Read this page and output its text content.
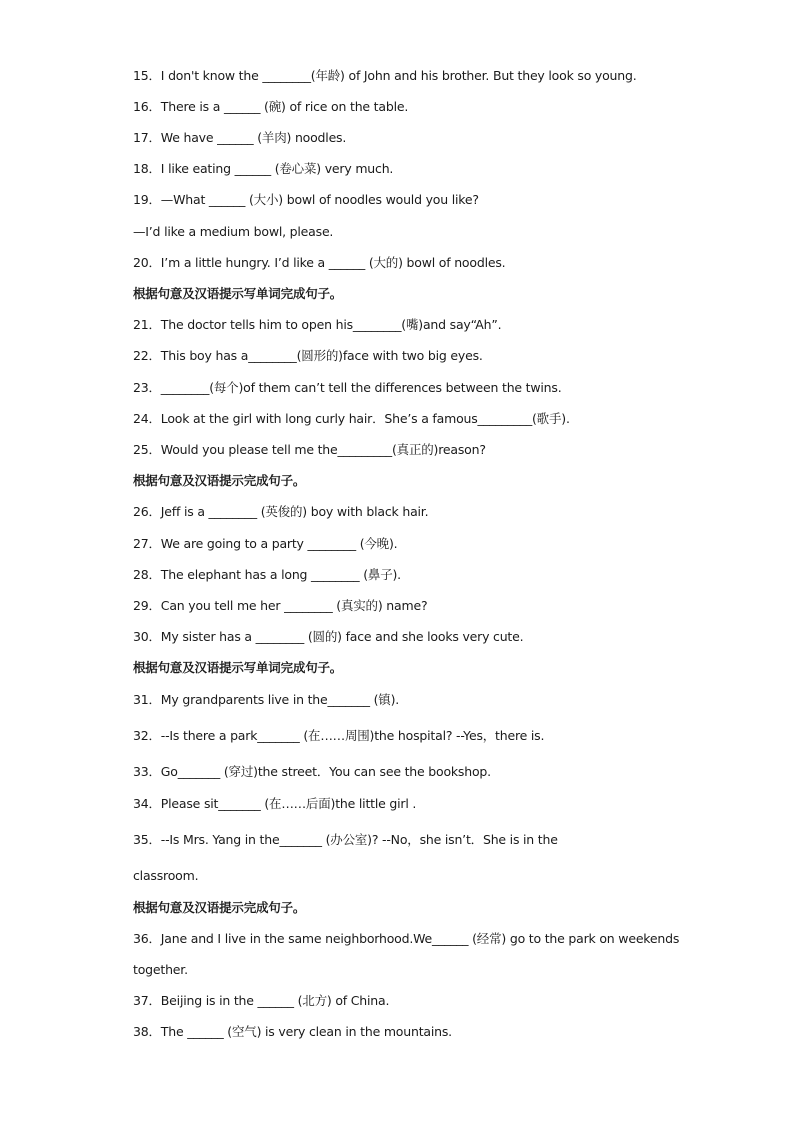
15．I don't know the ________(年龄) of John and his brother. But they look so young.
16．There is a ______ (碗) of rice on the table.
17．We have ______ (羊肉) noodles.
18．I like eating ______ (卷心菜) very much.
19．—What ______ (大小) bowl of noodles would you like?
—I’d like a medium bowl, please.
20．I’m a little hungry. I’d like a ______ (大的) bowl of noodles.
根据句意及汉语提示写单词完成句子。
21．The doctor tells him to open his________(嘴)and say“Ah”.
22．This boy has a________(圆形的)face with two big eyes.
23．________(每个)of them can’t tell the differences between the twins.
24．Look at the girl with long curly hair．She’s a famous_________(歌手).
25．Would you please tell me the_________(真正的)reason?
根据句意及汉语提示完成句子。
26．Jeff is a ________ (英俊的) boy with black hair.
27．We are going to a party ________ (今晚).
28．The elephant has a long ________ (鼻子).
29．Can you tell me her ________ (真实的) name?
30．My sister has a ________ (圆的) face and she looks very cute.
根据句意及汉语提示写单词完成句子。
31．My grandparents live in the_______ (镇).
32．--Is there a park_______ (在……周围)the hospital? --Yes，there is.
33．Go_______ (穿过)the street．You can see the bookshop.
34．Please sit_______ (在……后面)the little girl .
35．--Is Mrs. Yang in the_______ (办公室)? --No，she isn’t．She is in the
classroom.
根据句意及汉语提示完成句子。
36．Jane and I live in the same neighborhood.We______ (经常) go to the park on weekends
together.
37．Beijing is in the ______ (北方) of China.
38．The ______ (空气) is very clean in the mountains.
